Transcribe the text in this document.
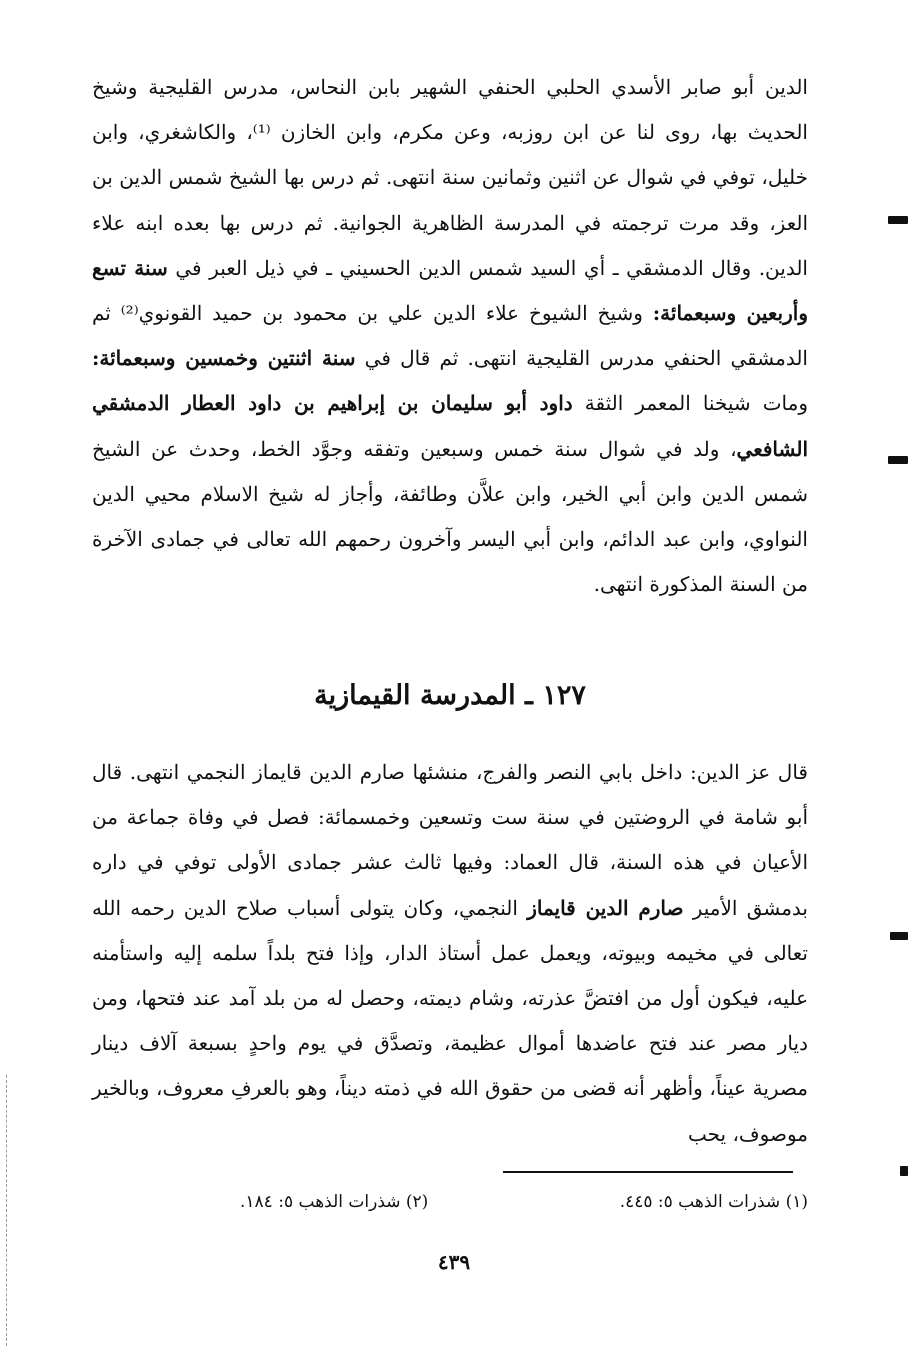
الدين أبو صابر الأسدي الحلبي الحنفي الشهير بابن النحاس، مدرس القليجية وشيخ الحديث بها، روى لنا عن ابن روزبه، وعن مكرم، وابن الخازن ⁽¹⁾، والكاشغري، وابن خليل، توفي في شوال عن اثنين وثمانين سنة انتهى. ثم درس بها الشيخ شمس الدين بن العز، وقد مرت ترجمته في المدرسة الظاهرية الجوانية. ثم درس بها بعده ابنه علاء الدين. وقال الدمشقي ـ أي السيد شمس الدين الحسيني ـ في ذيل العبر في سنة تسع وأربعين وسبعمائة: وشيخ الشيوخ علاء الدين علي بن محمود بن حميد القونوي⁽²⁾ ثم الدمشقي الحنفي مدرس القليجية انتهى. ثم قال في سنة اثنتين وخمسين وسبعمائة: ومات شيخنا المعمر الثقة داود أبو سليمان بن إبراهيم بن داود العطار الدمشقي الشافعي، ولد في شوال سنة خمس وسبعين وتفقه وجوَّد الخط، وحدث عن الشيخ شمس الدين وابن أبي الخير، وابن علاَّن وطائفة، وأجاز له شيخ الاسلام محيي الدين النواوي، وابن عبد الدائم، وابن أبي اليسر وآخرون رحمهم الله تعالى في جمادى الآخرة من السنة المذكورة انتهى.

١٢٧ ـ المدرسة القيمازية

قال عز الدين: داخل بابي النصر والفرج، منشئها صارم الدين قايماز النجمي انتهى. قال أبو شامة في الروضتين في سنة ست وتسعين وخمسمائة: فصل في وفاة جماعة من الأعيان في هذه السنة، قال العماد: وفيها ثالث عشر جمادى الأولى توفي في داره بدمشق الأمير صارم الدين قايماز النجمي، وكان يتولى أسباب صلاح الدين رحمه الله تعالى في مخيمه وبيوته، ويعمل عمل أستاذ الدار، وإذا فتح بلداً سلمه إليه واستأمنه عليه، فيكون أول من افتضَّ عذرته، وشام ديمته، وحصل له من بلد آمد عند فتحها، ومن ديار مصر عند فتح عاضدها أموال عظيمة، وتصدَّق في يوم واحدٍ بسبعة آلاف دينار مصرية عيناً، وأظهر أنه قضى من حقوق الله في ذمته ديناً، وهو بالعرفِ معروف، وبالخير موصوف، يحب

(١) شذرات الذهب ٥: ٤٤٥.
(٢) شذرات الذهب ٥: ١٨٤.
٤٣٩
